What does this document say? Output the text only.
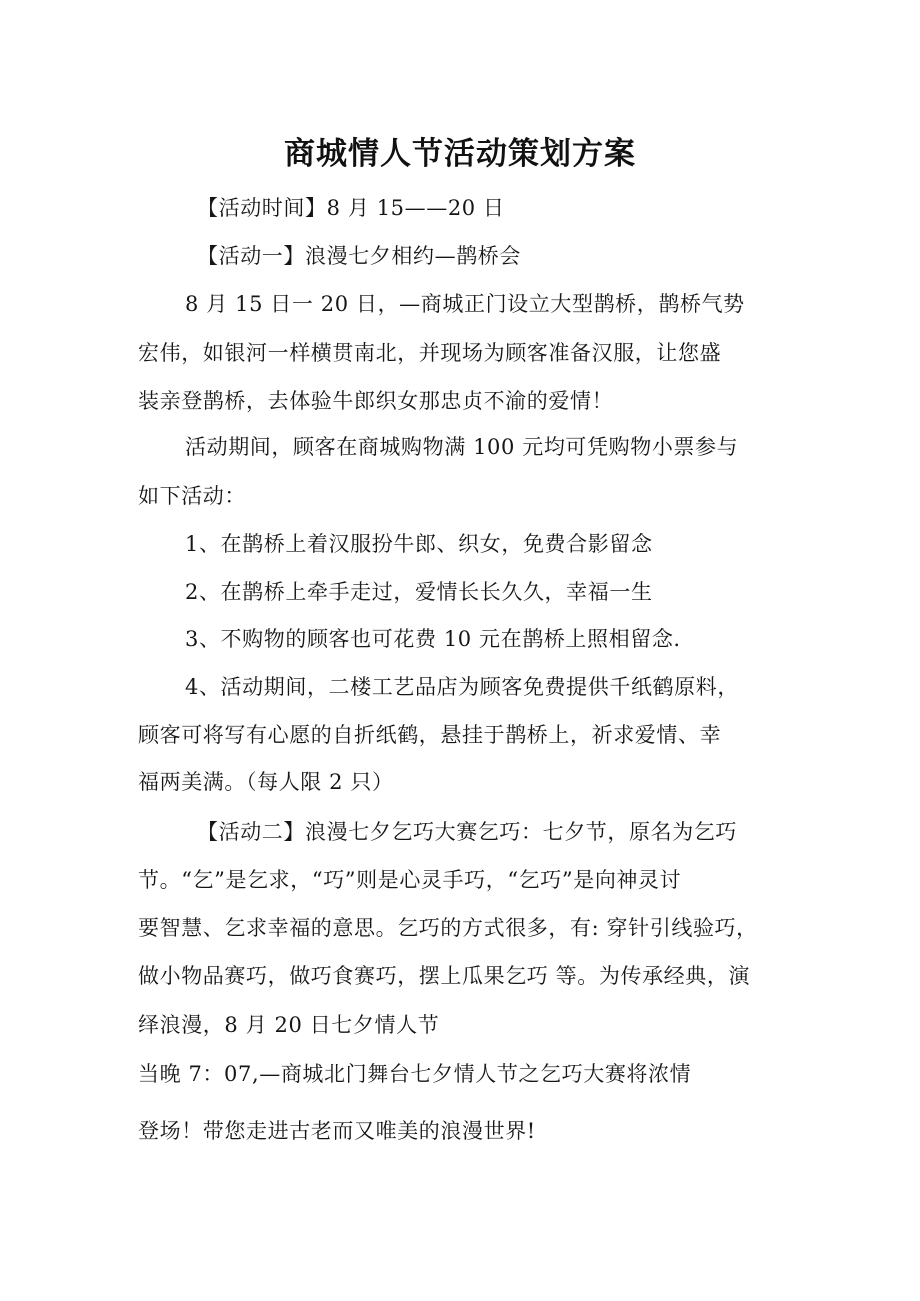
商城情人节活动策划方案
【活动时间】8 月 15——20 日
【活动一】浪漫七夕相约—鹊桥会
8 月 15 日一 20 日，—商城正门设立大型鹊桥，鹊桥气势
宏伟，如银河一样横贯南北，并现场为顾客准备汉服，让您盛
装亲登鹊桥，去体验牛郎织女那忠贞不渝的爱情！
活动期间，顾客在商城购物满 100 元均可凭购物小票参与
如下活动：
1、在鹊桥上着汉服扮牛郎、织女，免费合影留念
2、在鹊桥上牵手走过，爱情长长久久，幸福一生
3、不购物的顾客也可花费 10 元在鹊桥上照相留念.
4、活动期间，二楼工艺品店为顾客免费提供千纸鹤原料，
顾客可将写有心愿的自折纸鹤，悬挂于鹊桥上，祈求爱情、幸
福两美满。（每人限 2 只）
【活动二】浪漫七夕乞巧大赛乞巧：七夕节，原名为乞巧
节。“乞”是乞求，“巧”则是心灵手巧，“乞巧”是向神灵讨
要智慧、乞求幸福的意思。乞巧的方式很多，有: 穿针引线验巧，
做小物品赛巧，做巧食赛巧，摆上瓜果乞巧 等。为传承经典，演
绎浪漫，8 月 20 日七夕情人节
当晚 7：07,—商城北门舞台七夕情人节之乞巧大赛将浓情
登场！带您走进古老而又唯美的浪漫世界!
